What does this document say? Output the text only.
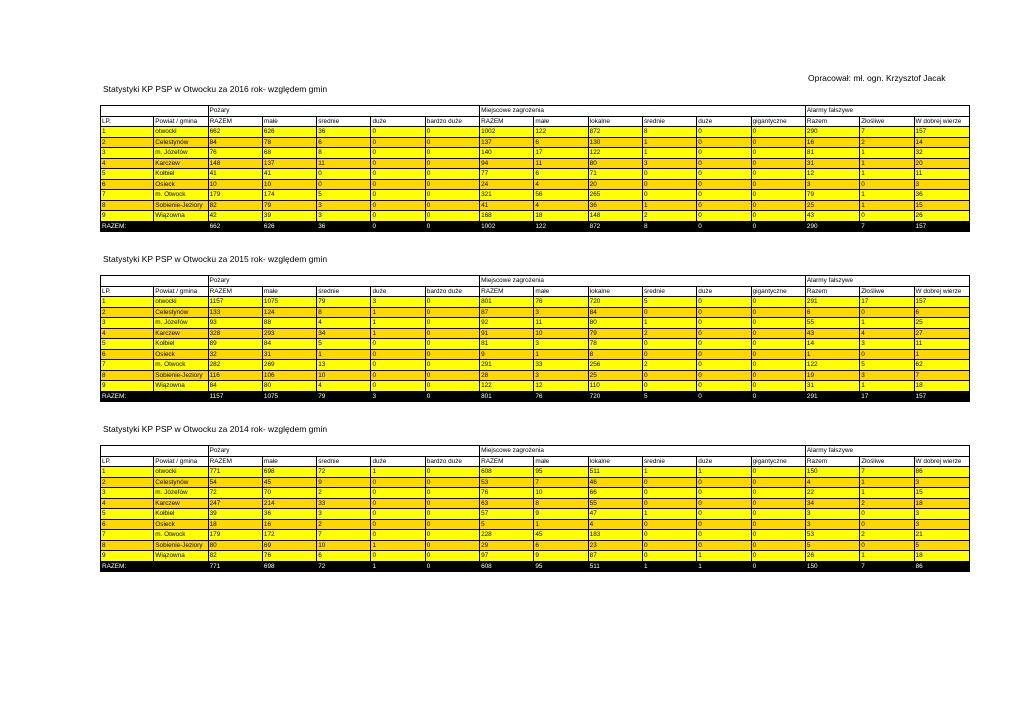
Opracował: mł. ogn. Krzysztof Jacak
Statystyki KP PSP w Otwocku za 2016 rok- względem gmin
		Pożary					Miejscowe zagrożenia						Alarmy fałszywe		
LP.	Powiat / gmina	RAZEM	małe	średnie	duże	bardzo duże	RAZEM	małe	lokalne	średnie	duże	gigantyczne	Razem	Złośliwe	W dobrej wierze
1	otwocki	662	626	36	0	0	1002	122	872	8	0	0	290	7	157
2	Celestynów	84	78	6	0	0	137	6	130	1	0	0	16	2	14
3	m. Józefów	76	68	8	0	0	140	17	122	1	0	0	81	1	32
4	Karczew	148	137	11	0	0	94	11	80	3	0	0	31	1	20
5	Kołbiel	41	41	0	0	0	77	6	71	0	0	0	12	1	11
6	Osieck	10	10	0	0	0	24	4	20	0	0	0	3	0	3
7	m. Otwock	179	174	5	0	0	321	56	265	0	0	0	79	1	36
8	Sobienie-Jeziory	82	79	3	0	0	41	4	36	1	0	0	25	1	15
9	Wiązowna	42	39	3	0	0	168	18	148	2	0	0	43	0	26
RAZEM:		662	626	36	0	0	1002	122	872	8	0	0	290	7	157
Statystyki KP PSP w Otwocku za 2015 rok- względem gmin
		Pożary					Miejscowe zagrożenia						Alarmy fałszywe		
LP.	Powiat / gmina	RAZEM	małe	średnie	duże	bardzo duże	RAZEM	małe	lokalne	średnie	duże	gigantyczne	Razem	Złośliwe	W dobrej wierze
1	otwocki	1157	1075	79	3	0	801	76	720	5	0	0	291	17	157
2	Celestynów	133	124	8	1	0	87	3	84	0	0	0	6	0	6
3	m. Józefów	93	88	4	1	0	92	11	80	1	0	0	55	1	25
4	Karczew	328	293	34	1	0	91	10	79	2	0	0	43	4	27
5	Kołbiel	89	84	5	0	0	81	3	78	0	0	0	14	3	11
6	Osieck	32	31	1	0	0	9	1	8	0	0	0	1	0	1
7	m. Otwock	282	269	13	0	0	291	33	256	2	0	0	122	5	62
8	Sobienie-Jeziory	116	106	10	0	0	28	3	25	0	0	0	19	3	7
9	Wiązowna	84	80	4	0	0	122	12	110	0	0	0	31	1	18
RAZEM:		1157	1075	79	3	0	801	76	720	5	0	0	291	17	157
Statystyki KP PSP w Otwocku za 2014 rok- względem gmin
		Pożary					Miejscowe zagrożenia						Alarmy fałszywe		
LP.	Powiat / gmina	RAZEM	małe	średnie	duże	bardzo duże	RAZEM	małe	lokalne	średnie	duże	gigantyczne	Razem	Złośliwe	W dobrej wierze
1	otwocki	771	698	72	1	0	608	95	511	1	1	0	150	7	86
2	Celestynów	54	45	9	0	0	53	7	46	0	0	0	4	1	3
3	m. Józefów	72	70	2	0	0	76	10	66	0	0	0	22	1	15
4	Karczew	247	214	33	0	0	63	8	55	0	0	0	34	2	18
5	Kołbiel	39	36	3	0	0	57	9	47	1	0	0	3	0	3
6	Osieck	18	16	2	0	0	5	1	4	0	0	0	3	0	3
7	m. Otwock	179	172	7	0	0	228	45	183	0	0	0	53	2	21
8	Sobienie-Jeziory	80	69	10	1	0	29	6	23	0	0	0	5	0	5
9	Wiązowna	82	76	6	0	0	97	9	87	0	1	0	26	1	18
RAZEM:		771	698	72	1	0	608	95	511	1	1	0	150	7	86
